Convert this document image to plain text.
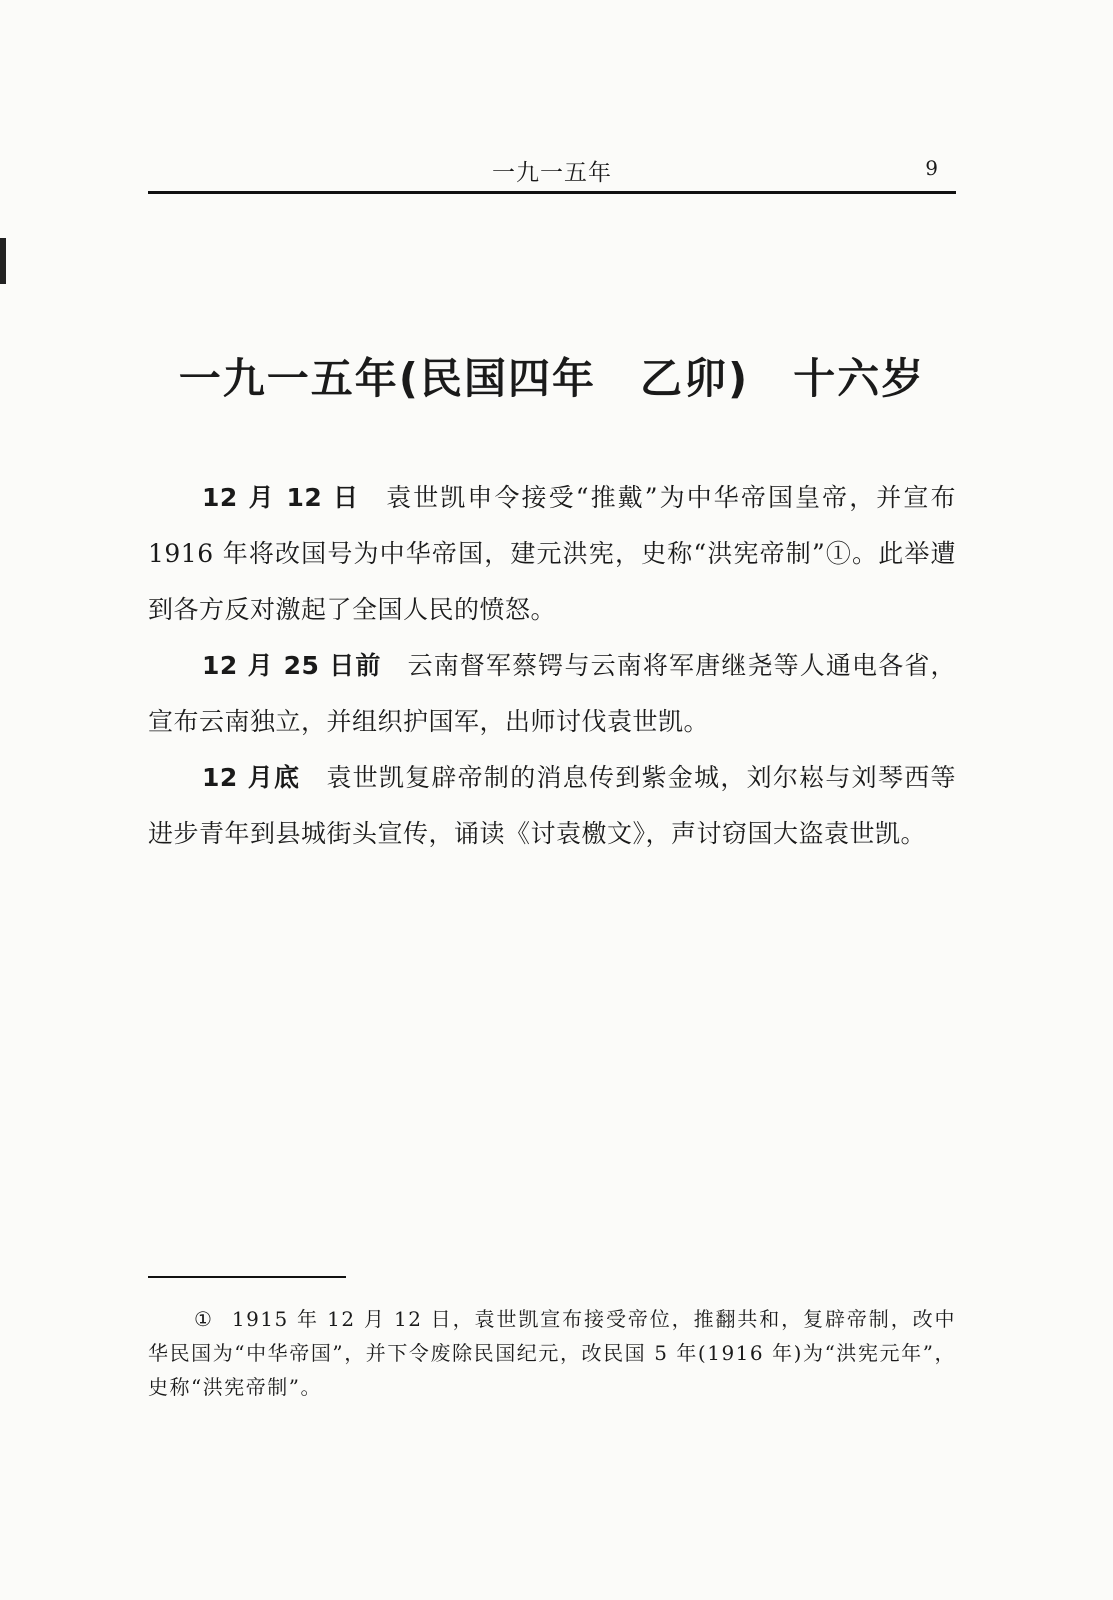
一九一五年	9
一九一五年(民国四年　乙卯)　十六岁

12 月 12 日 袁世凯申令接受“推戴”为中华帝国皇帝，并宣布1916 年将改国号为中华帝国，建元洪宪，史称“洪宪帝制”①。此举遭到各方反对激起了全国人民的愤怒。

12 月 25 日前 云南督军蔡锷与云南将军唐继尧等人通电各省，宣布云南独立，并组织护国军，出师讨伐袁世凯。

12 月底 袁世凯复辟帝制的消息传到紫金城，刘尔崧与刘琴西等进步青年到县城街头宣传，诵读《讨袁檄文》，声讨窃国大盗袁世凯。

① 1915 年 12 月 12 日，袁世凯宣布接受帝位，推翻共和，复辟帝制，改中华民国为“中华帝国”，并下令废除民国纪元，改民国 5 年(1916 年)为“洪宪元年”，史称“洪宪帝制”。
